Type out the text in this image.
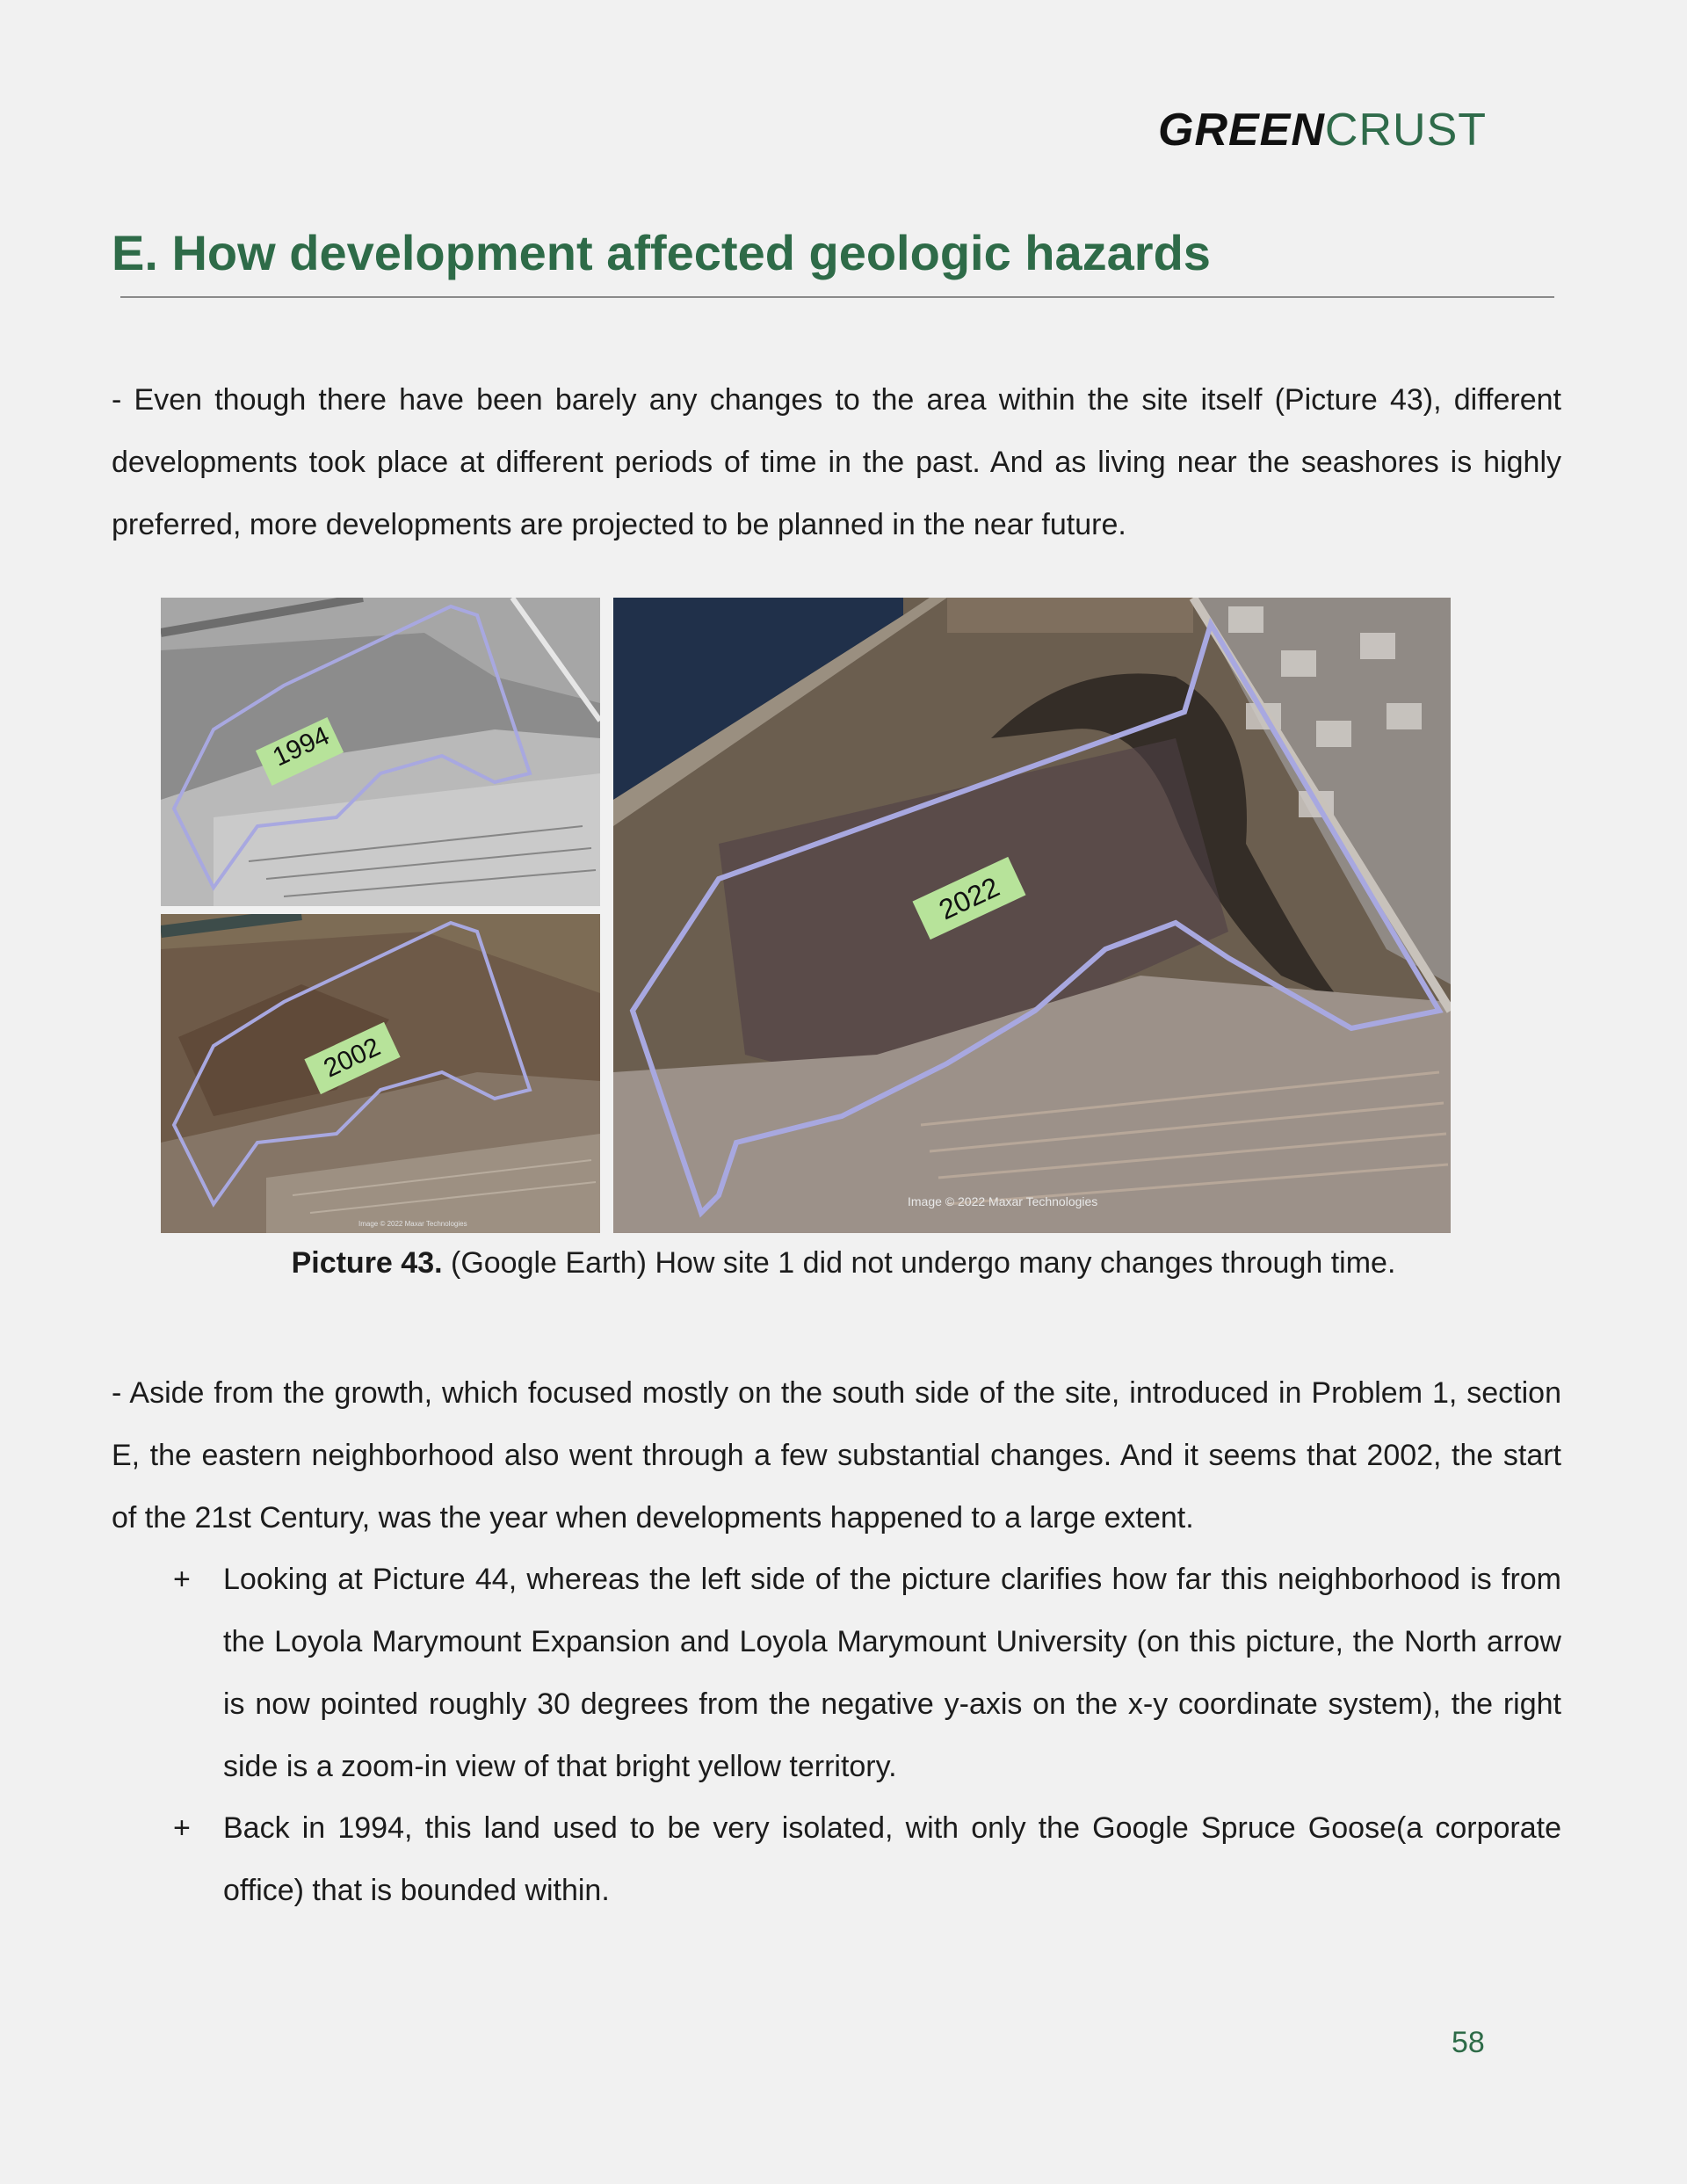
GREENCRUST
E. How development affected geologic hazards

- Even though there have been barely any changes to the area within the site itself (Picture 43), different developments took place at different periods of time in the past. And as living near the seashores is highly preferred, more developments are projected to be planned in the near future.

1994
2002
Image © 2022 Maxar Technologies
2022
Image © 2022 Maxar Technologies
Picture 43. (Google Earth) How site 1 did not undergo many changes through time.

- Aside from the growth, which focused mostly on the south side of the site, introduced in Problem 1, section E, the eastern neighborhood also went through a few substantial changes. And it seems that 2002, the start of the 21st Century, was the year when developments happened to a large extent.

+ Looking at Picture 44, whereas the left side of the picture clarifies how far this neighborhood is from the Loyola Marymount Expansion and Loyola Marymount University (on this picture, the North arrow is now pointed roughly 30 degrees from the negative y-axis on the x-y coordinate system), the right side is a zoom-in view of that bright yellow territory.
+ Back in 1994, this land used to be very isolated, with only the Google Spruce Goose(a corporate office) that is bounded within.
58
